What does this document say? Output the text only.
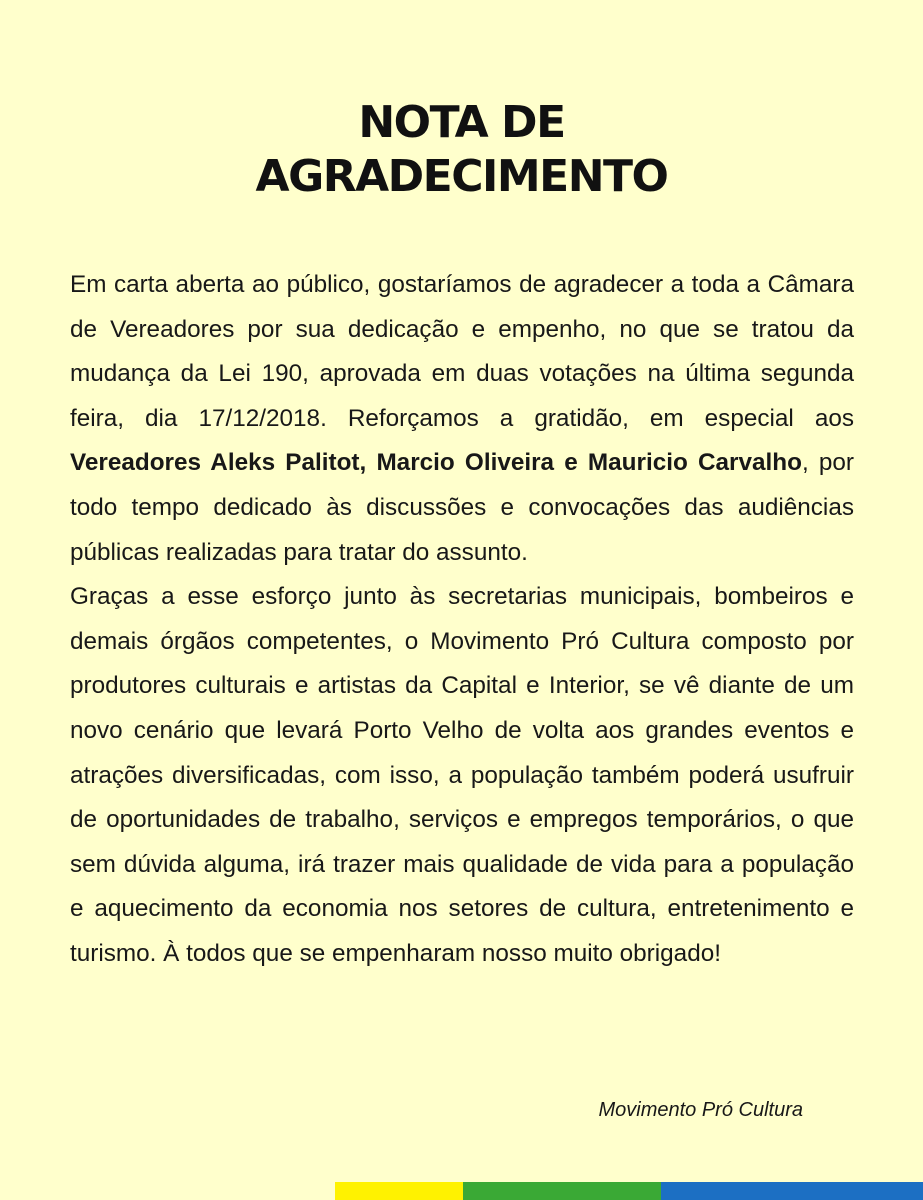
NOTA DE
AGRADECIMENTO

Em carta aberta ao público, gostaríamos de agradecer a toda a Câmara de Vereadores por sua dedicação e empenho, no que se tratou da mudança da Lei 190, aprovada em duas votações na última segunda feira, dia 17/12/2018. Reforçamos a gratidão, em especial aos Vereadores Aleks Palitot, Marcio Oliveira e Mauricio Carvalho, por todo tempo dedicado às discussões e convocações das audiências públicas realizadas para tratar do assunto.

Graças a esse esforço junto às secretarias municipais, bombeiros e demais órgãos competentes, o Movimento Pró Cultura composto por produtores culturais e artistas da Capital e Interior, se vê diante de um novo cenário que levará Porto Velho de volta aos grandes eventos e atrações diversificadas, com isso, a população também poderá usufruir de oportunidades de trabalho, serviços e empregos temporários, o que sem dúvida alguma, irá trazer mais qualidade de vida para a população e aquecimento da economia nos setores de cultura, entretenimento e turismo. À todos que se empenharam nosso muito obrigado!

Movimento Pró Cultura
